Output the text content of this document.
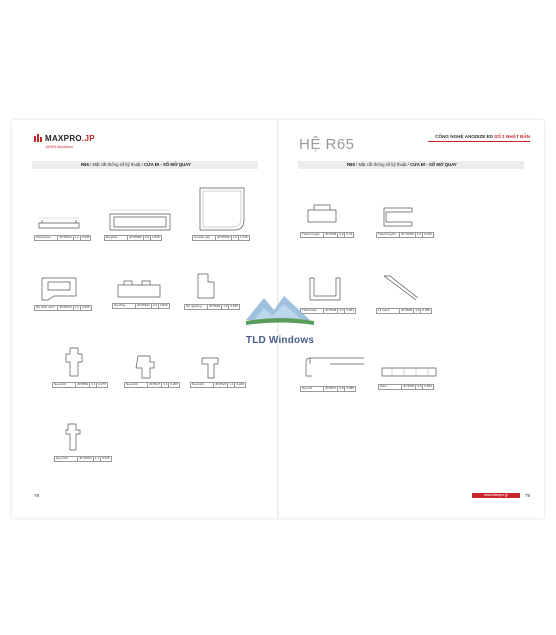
MAXPRO.JP
JAPAN Aluminium
R65 / Mặt cắt thông số kỹ thuật / CỬA ĐI - SỔ MỞ QUAY
Khung bao	JP-55112	1.2	0.945	Đố ghép	JP-55505	2.0	1.845	Chuyển góc	JP-55516	1.6	1.135
Ốp chân cánh	JP-55123	1.2	0.465	Ngưỡng	JP-55514	2.0	0.835	Ốp ngưỡng	JP-5502	1.5	0.185
Nẹp kính	JP-5554	1.1	0.275	Nẹp kính	JP-5527	1.1	0.265	Nẹp kính	JP-5523	1.1	0.245
Nẹp kính	JP-15221	1.1	0.325
78
HỆ R65	CÔNG NGHỆ ANODIZE ED SỐ 1 NHẬT BẢN
R65 / Mặt cắt thông số kỹ thuật / CỬA ĐI - SỔ MỞ QUAY
Thanh truyền	JP-5505	2.0	0.74	Thanh truyền	JP-70018	1.5	0.195
Thanh biên	JP-5503	2.0	0.361	Lá mạch	JP-5504	1.5	0.355
Nẹp khí	JP-5517	0.8	0.485	Pano	JP-5505	0.8	0.554
www.Maxpro.jp	79
TLD Windows
